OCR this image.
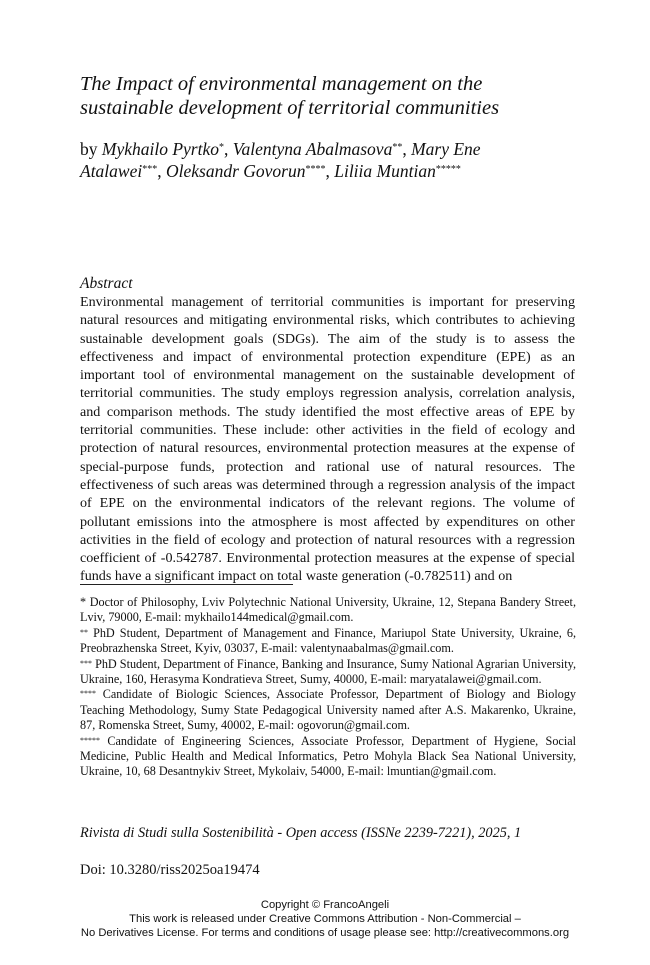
The Impact of environmental management on the
sustainable development of territorial communities
by Mykhailo Pyrtko*, Valentyna Abalmasova**, Mary Ene
Atalawei***, Oleksandr Govorun****, Liliia Muntian*****
Abstract
Environmental management of territorial communities is important for preserving natural resources and mitigating environmental risks, which contributes to achieving sustainable development goals (SDGs). The aim of the study is to assess the effectiveness and impact of environmental protection expenditure (EPE) as an important tool of environmental management on the sustainable development of territorial communities. The study employs regression analysis, correlation analysis, and comparison methods. The study identified the most effective areas of EPE by territorial communities. These include: other activities in the field of ecology and protection of natural resources, environmental protection measures at the expense of special-purpose funds, protection and rational use of natural resources. The effectiveness of such areas was determined through a regression analysis of the impact of EPE on the environmental indicators of the relevant regions. The volume of pollutant emissions into the atmosphere is most affected by expenditures on other activities in the field of ecology and protection of natural resources with a regression coefficient of -0.542787. Environmental protection measures at the expense of special funds have a significant impact on total waste generation (-0.782511) and on
* Doctor of Philosophy, Lviv Polytechnic National University, Ukraine, 12, Stepana Bandery Street, Lviv, 79000, E-mail: mykhailo144medical@gmail.com.
** PhD Student, Department of Management and Finance, Mariupol State University, Ukraine, 6, Preobrazhenska Street, Kyiv, 03037, E-mail: valentynaabalmas@gmail.com.
*** PhD Student, Department of Finance, Banking and Insurance, Sumy National Agrarian University, Ukraine, 160, Herasyma Kondratieva Street, Sumy, 40000, E-mail: maryatalawei@gmail.com.
**** Candidate of Biologic Sciences, Associate Professor, Department of Biology and Biology Teaching Methodology, Sumy State Pedagogical University named after A.S. Makarenko, Ukraine, 87, Romenska Street, Sumy, 40002, E-mail: ogovorun@gmail.com.
***** Candidate of Engineering Sciences, Associate Professor, Department of Hygiene, Social Medicine, Public Health and Medical Informatics, Petro Mohyla Black Sea National University, Ukraine, 10, 68 Desantnykiv Street, Mykolaiv, 54000, E-mail: lmuntian@gmail.com.
Rivista di Studi sulla Sostenibilità - Open access (ISSNe 2239-7221), 2025, 1
Doi: 10.3280/riss2025oa19474
Copyright © FrancoAngeli
This work is released under Creative Commons Attribution - Non-Commercial –
No Derivatives License. For terms and conditions of usage please see: http://creativecommons.org
